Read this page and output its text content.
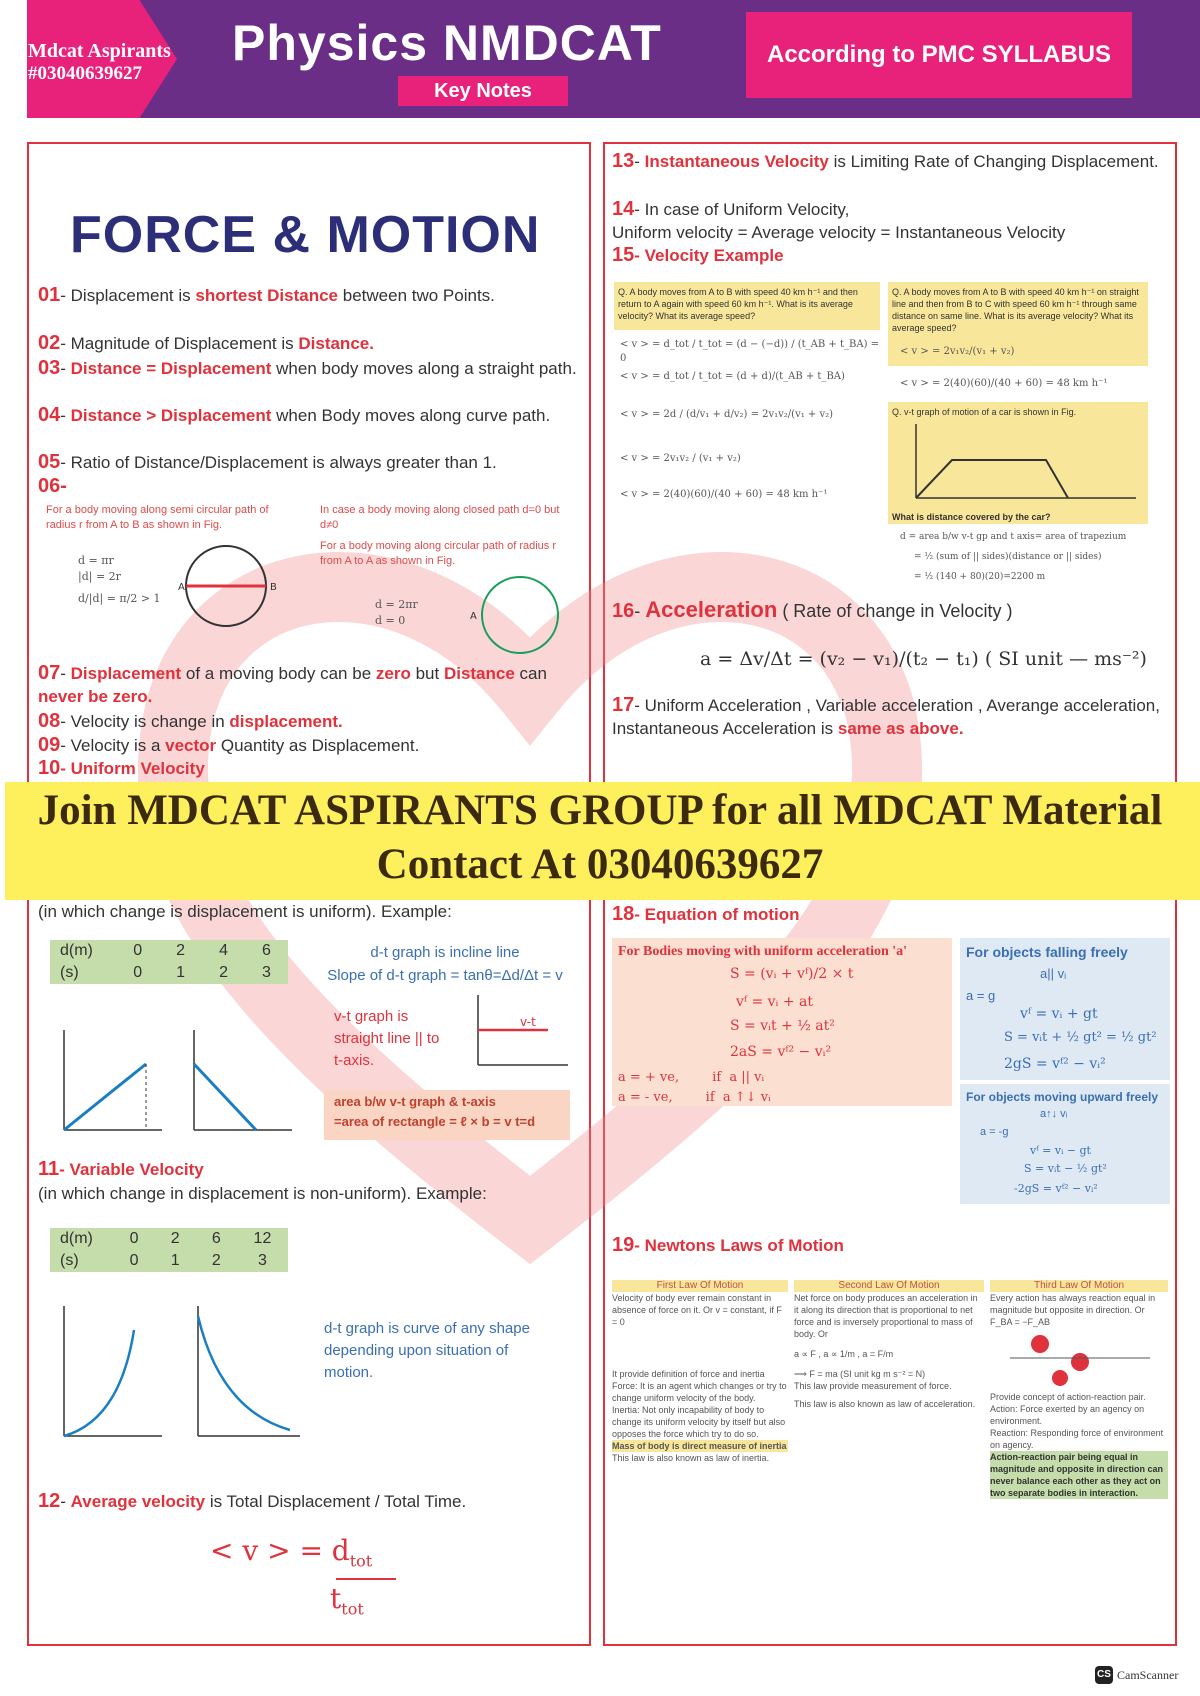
Mdcat Aspirants
#03040639627
Physics NMDCAT
Key Notes
According to PMC SYLLABUS
FORCE & MOTION
01- Displacement is shortest Distance between two Points.
02- Magnitude of Displacement is Distance.
03- Distance = Displacement when body moves along a straight path.
04- Distance > Displacement when Body moves along curve path.
05- Ratio of Distance/Displacement is always greater than 1.
06-
For a body moving along semi circular path of radius r from A to B as shown in Fig.
In case a body moving along closed path d=0 but d≠0
For a body moving along circular path of radius r from A to A as shown in Fig.
d = πr
|d| = 2r
d/|d| = π/2 > 1
A	B
d = 2πr
d = 0	A
07- Displacement of a moving body can be zero but Distance can never be zero.
08- Velocity is change in displacement.
09- Velocity is a vector Quantity as Displacement.
10- Uniform Velocity
Join MDCAT ASPIRANTS GROUP for all MDCAT Material
Contact At 03040639627
(in which change is displacement is uniform). Example:
d(m)	0	2	4	6
(s)	0	1	2	3
d-t graph is incline line
Slope of d-t graph = tanθ=Δd/Δt = v
v-t graph is straight line || to t-axis.
v-t
area b/w v-t graph & t-axis
=area of rectangle = ℓ × b = v t=d
11- Variable Velocity
(in which change in displacement is non-uniform). Example:
d(m)	0	2	6	12
(s)	0	1	2	3
d-t graph is curve of any shape depending upon situation of motion.
12- Average velocity is Total Displacement / Total Time.
< v > = $d_{tot}$
$t_{tot}$
13- Instantaneous Velocity is Limiting Rate of Changing Displacement.
14- In case of Uniform Velocity,
Uniform velocity = Average velocity = Instantaneous Velocity
15- Velocity Example
Q. A body moves from A to B with speed 40 km h⁻¹ and then return to A again with speed 60 km h⁻¹. What is its average velocity? What its average speed?
< v > = d_tot / t_tot = (d − (−d)) / (t_AB + t_BA) = 0
< v > = d_tot / t_tot = (d + d)/(t_AB + t_BA)
< v > = 2d / (d/v₁ + d/v₂) = 2v₁v₂/(v₁ + v₂)
< v > = 2v₁v₂ / (v₁ + v₂)
< v > = 2(40)(60)/(40 + 60) = 48 km h⁻¹
Q. A body moves from A to B with speed 40 km h⁻¹ on straight line and then from B to C with speed 60 km h⁻¹ through same distance on same line. What is its average velocity? What its average speed?
< v > = 2v₁v₂/(v₁ + v₂)
< v > = 2(40)(60)/(40 + 60) = 48 km h⁻¹
Q. v-t graph of motion of a car is shown in Fig.
What is distance covered by the car?
d = area b/w v-t gp and t axis= area of trapezium
= ½ (sum of || sides)(distance or || sides)
= ½ (140 + 80)(20)=2200 m
16- Acceleration ( Rate of change in Velocity )
a = Δv/Δt = (v₂ − v₁)/(t₂ − t₁) ( SI unit — ms⁻²)
17- Uniform Acceleration , Variable acceleration , Averange acceleration, Instantaneous Acceleration is same as above.
18- Equation of motion
For Bodies moving with uniform acceleration 'a'
S = (vᵢ + vᶠ)/2 × t
vᶠ = vᵢ + at
S = vᵢt + ½ at²
2aS = vᶠ² − vᵢ²
a = + ve,        if  a || vᵢ
a = - ve,        if  a ↑↓ vᵢ
For objects falling freely
a|| vᵢ
a = g
vᶠ = vᵢ + gt
S = vᵢt + ½ gt² = ½ gt²
2gS = vᶠ² − vᵢ²
For objects moving upward freely
a↑↓ vᵢ
a = -g
vᶠ = vᵢ − gt
S = vᵢt − ½ gt²
-2gS = vᶠ² − vᵢ²
19- Newtons Laws of Motion
First Law Of Motion
Velocity of body ever remain constant in absence of force on it. Or v = constant, if F = 0
It provide definition of force and inertia
Force: It is an agent which changes or try to change uniform velocity of the body.
Inertia: Not only incapability of body to change its uniform velocity by itself but also opposes the force which try to do so.
Mass of body is direct measure of inertia
This law is also known as law of inertia.
Second Law Of Motion
Net force on body produces an acceleration in it along its direction that is proportional to net force and is inversely proportional to mass of body. Or
a ∝ F , a ∝ 1/m , a = F/m
⟹ F = ma (SI unit kg m s⁻² = N)
This law provide measurement of force.
This law is also known as law of acceleration.
Third Law Of Motion
Every action has always reaction equal in magnitude but opposite in direction. Or F_BA = −F_AB
Provide concept of action-reaction pair.
Action: Force exerted by an agency on environment.
Reaction: Responding force of environment on agency.
Action-reaction pair being equal in magnitude and opposite in direction can never balance each other as they act on two separate bodies in interaction.
CS CamScanner
